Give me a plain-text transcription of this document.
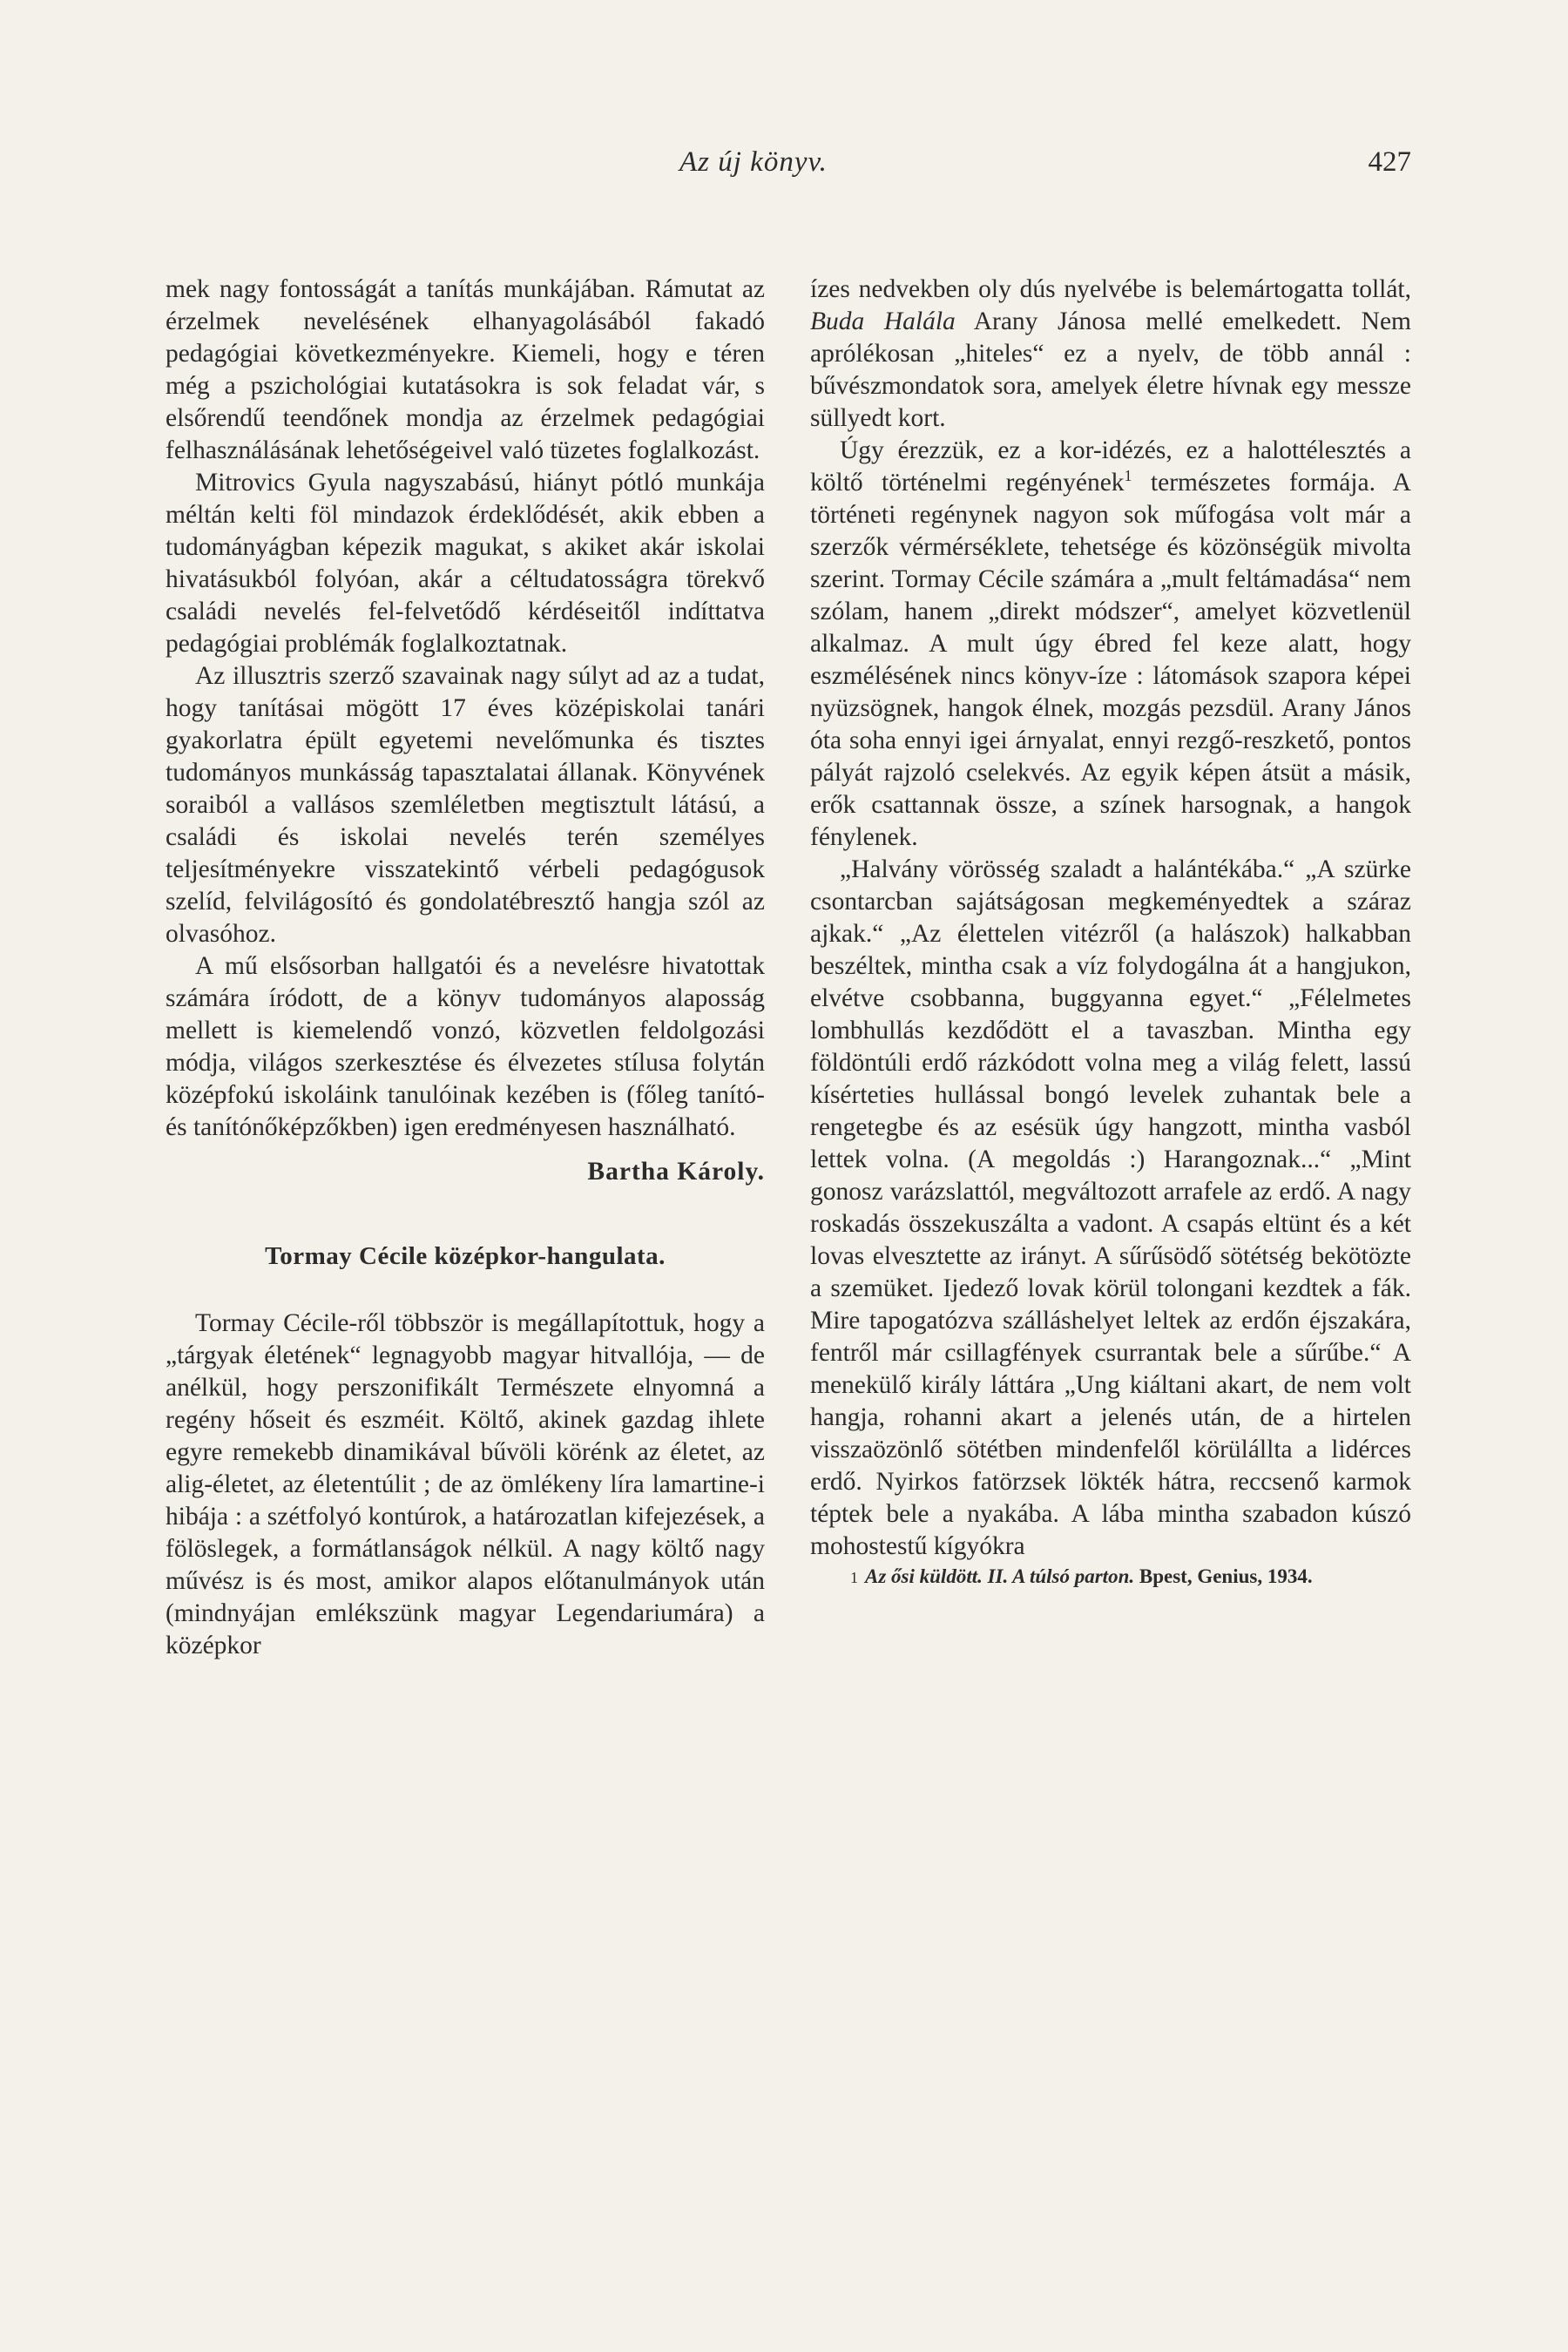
Az új könyv.	427

mek nagy fontosságát a tanítás munkájában. Rámutat az érzelmek nevelésének elhanyagolásából fakadó pedagógiai következményekre. Kiemeli, hogy e téren még a pszichológiai kutatásokra is sok feladat vár, s elsőrendű teendőnek mondja az érzelmek pedagógiai felhasználásának lehetőségeivel való tüzetes foglalkozást.

Mitrovics Gyula nagyszabású, hiányt pótló munkája méltán kelti föl mindazok érdeklődését, akik ebben a tudományágban képezik magukat, s akiket akár iskolai hivatásukból folyóan, akár a céltudatosságra törekvő családi nevelés fel-felvetődő kérdéseitől indíttatva pedagógiai problémák foglalkoztatnak.

Az illusztris szerző szavainak nagy súlyt ad az a tudat, hogy tanításai mögött 17 éves középiskolai tanári gyakorlatra épült egyetemi nevelőmunka és tisztes tudományos munkásság tapasztalatai állanak. Könyvének soraiból a vallásos szemléletben megtisztult látású, a családi és iskolai nevelés terén személyes teljesítményekre visszatekintő vérbeli pedagógusok szelíd, felvilágosító és gondolatébresztő hangja szól az olvasóhoz.

A mű elsősorban hallgatói és a nevelésre hivatottak számára íródott, de a könyv tudományos alaposság mellett is kiemelendő vonzó, közvetlen feldolgozási módja, világos szerkesztése és élvezetes stílusa folytán középfokú iskoláink tanulóinak kezében is (főleg tanító- és tanítónőképzőkben) igen eredményesen használható.

Bartha Károly.
Tormay Cécile középkor-hangulata.

Tormay Cécile-ről többször is megállapítottuk, hogy a „tárgyak életének“ legnagyobb magyar hitvallója, — de anélkül, hogy perszonifikált Természete elnyomná a regény hőseit és eszméit. Költő, akinek gazdag ihlete egyre remekebb dinamikával bűvöli körénk az életet, az alig-életet, az életentúlit ; de az ömlékeny líra lamartine-i hibája : a szétfolyó kontúrok, a határozatlan kifejezések, a fölöslegek, a formátlanságok nélkül. A nagy költő nagy művész is és most, amikor alapos előtanulmányok után (mindnyájan emlékszünk magyar Legendariumára) a középkor

ízes nedvekben oly dús nyelvébe is belemártogatta tollát, Buda Halála Arany Jánosa mellé emelkedett. Nem aprólékosan „hiteles“ ez a nyelv, de több annál : bűvészmondatok sora, amelyek életre hívnak egy messze süllyedt kort.

Úgy érezzük, ez a kor-idézés, ez a halottélesztés a költő történelmi regényének$^1$ természetes formája. A történeti regénynek nagyon sok műfogása volt már a szerzők vérmérséklete, tehetsége és közönségük mivolta szerint. Tormay Cécile számára a „mult feltámadása“ nem szólam, hanem „direkt módszer“, amelyet közvetlenül alkalmaz. A mult úgy ébred fel keze alatt, hogy eszmélésének nincs könyv-íze : látomások szapora képei nyüzsögnek, hangok élnek, mozgás pezsdül. Arany János óta soha ennyi igei árnyalat, ennyi rezgő-reszkető, pontos pályát rajzoló cselekvés. Az egyik képen átsüt a másik, erők csattannak össze, a színek harsognak, a hangok fénylenek.

„Halvány vörösség szaladt a halántékába.“ „A szürke csontarcban sajátságosan megkeményedtek a száraz ajkak.“ „Az élettelen vitézről (a halászok) halkabban beszéltek, mintha csak a víz folydogálna át a hangjukon, elvétve csobbanna, buggyanna egyet.“ „Félelmetes lombhullás kezdődött el a tavaszban. Mintha egy földöntúli erdő rázkódott volna meg a világ felett, lassú kísérteties hullással bongó levelek zuhantak bele a rengetegbe és az esésük úgy hangzott, mintha vasból lettek volna. (A megoldás :) Harangoznak...“ „Mint gonosz varázslattól, megváltozott arrafele az erdő. A nagy roskadás összekuszálta a vadont. A csapás eltünt és a két lovas elvesztette az irányt. A sűrűsödő sötétség bekötözte a szemüket. Ijedező lovak körül tolongani kezdtek a fák. Mire tapogatózva szálláshelyet leltek az erdőn éjszakára, fentről már csillagfények csurrantak bele a sűrűbe.“ A menekülő király láttára „Ung kiáltani akart, de nem volt hangja, rohanni akart a jelenés után, de a hirtelen visszaözönlő sötétben mindenfelől körülállta a lidérces erdő. Nyirkos fatörzsek lökték hátra, reccsenő karmok téptek bele a nyakába. A lába mintha szabadon kúszó mohostestű kígyókra

1 Az ősi küldött. II. A túlsó parton. Bpest, Genius, 1934.
